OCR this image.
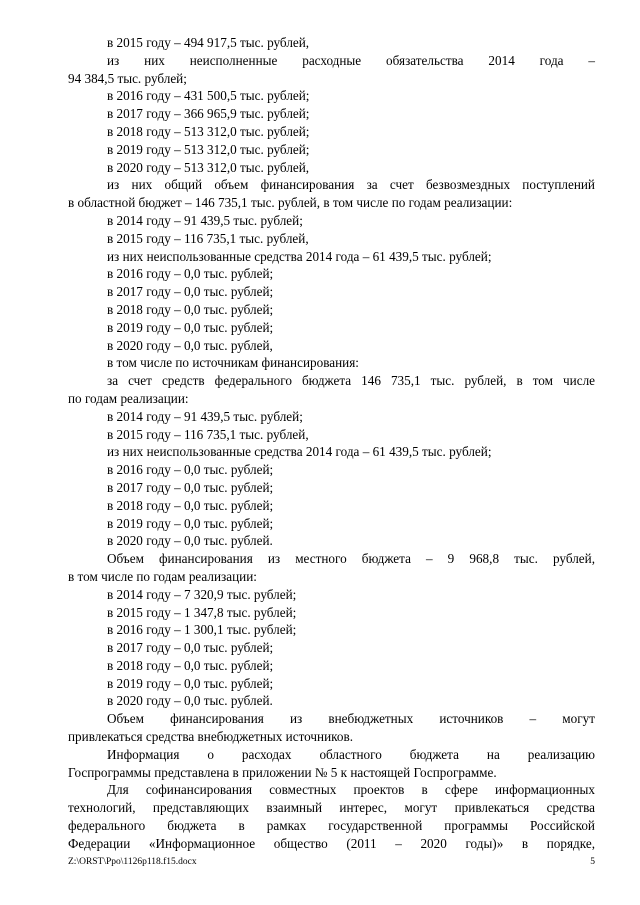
в 2015 году – 494 917,5 тыс. рублей,
из них неисполненные расходные обязательства 2014 года –
94 384,5 тыс. рублей;
в 2016 году – 431 500,5 тыс. рублей;
в 2017 году – 366 965,9 тыс. рублей;
в 2018 году – 513 312,0 тыс. рублей;
в 2019 году – 513 312,0 тыс. рублей;
в 2020 году – 513 312,0 тыс. рублей,
из них общий объем финансирования за счет безвозмездных поступлений
в областной бюджет – 146 735,1 тыс. рублей, в том числе по годам реализации:
в 2014 году – 91 439,5 тыс. рублей;
в 2015 году – 116 735,1 тыс. рублей,
из них неиспользованные средства 2014 года – 61 439,5 тыс. рублей;
в 2016 году – 0,0 тыс. рублей;
в 2017 году – 0,0 тыс. рублей;
в 2018 году – 0,0 тыс. рублей;
в 2019 году – 0,0 тыс. рублей;
в 2020 году – 0,0 тыс. рублей,
в том числе по источникам финансирования:
за счет средств федерального бюджета 146 735,1 тыс. рублей, в том числе
по годам реализации:
в 2014 году – 91 439,5 тыс. рублей;
в 2015 году – 116 735,1 тыс. рублей,
из них неиспользованные средства 2014 года – 61 439,5 тыс. рублей;
в 2016 году – 0,0 тыс. рублей;
в 2017 году – 0,0 тыс. рублей;
в 2018 году – 0,0 тыс. рублей;
в 2019 году – 0,0 тыс. рублей;
в 2020 году – 0,0 тыс. рублей.
Объем финансирования из местного бюджета – 9 968,8 тыс. рублей,
в том числе по годам реализации:
в 2014 году – 7 320,9 тыс. рублей;
в 2015 году – 1 347,8 тыс. рублей;
в 2016 году – 1 300,1 тыс. рублей;
в 2017 году – 0,0 тыс. рублей;
в 2018 году – 0,0 тыс. рублей;
в 2019 году – 0,0 тыс. рублей;
в 2020 году – 0,0 тыс. рублей.
Объем финансирования из внебюджетных источников – могут
привлекаться средства внебюджетных источников.
Информация о расходах областного бюджета на реализацию
Госпрограммы представлена в приложении № 5 к настоящей Госпрограмме.
Для софинансирования совместных проектов в сфере информационных
технологий, представляющих взаимный интерес, могут привлекаться средства
федерального бюджета в рамках государственной программы Российской
Федерации «Информационное общество (2011 – 2020 годы)» в порядке,
Z:\ORST\Ppo\1126p118.f15.docx	5
